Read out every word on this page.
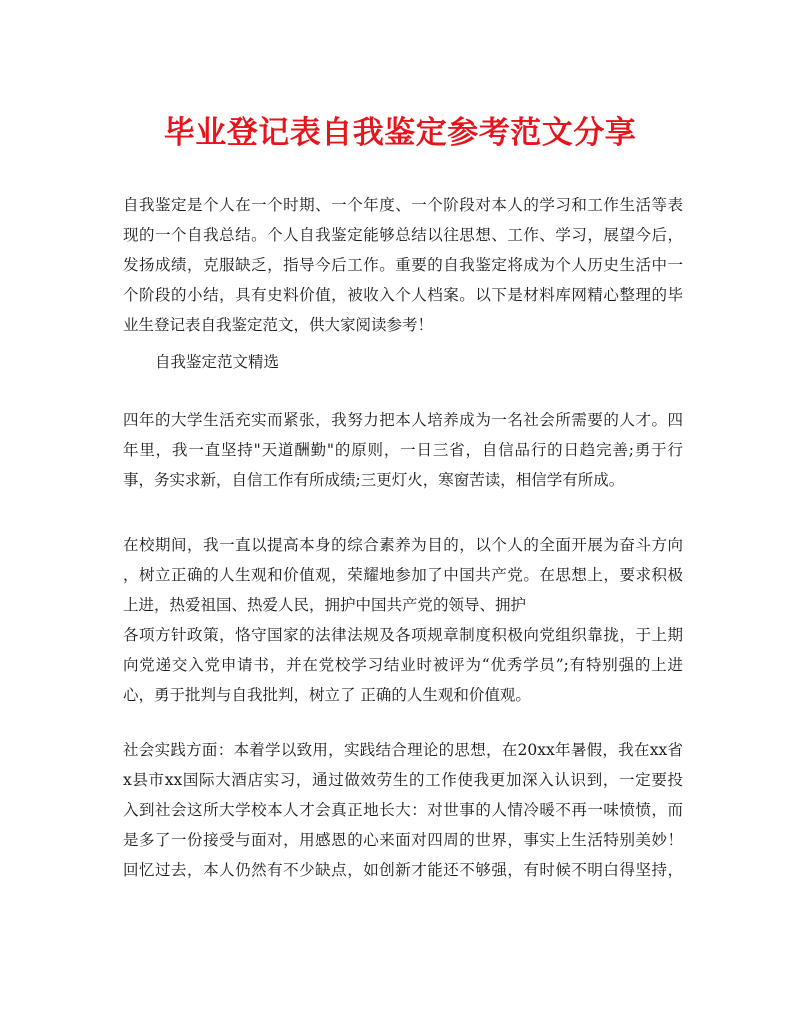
毕业登记表自我鉴定参考范文分享
自我鉴定是个人在一个时期、一个年度、一个阶段对本人的学习和工作生活等表
现的一个自我总结。个人自我鉴定能够总结以往思想、工作、学习，展望今后，
发扬成绩，克服缺乏，指导今后工作。重要的自我鉴定将成为个人历史生活中一
个阶段的小结，具有史料价值，被收入个人档案。以下是材料库网精心整理的毕
业生登记表自我鉴定范文，供大家阅读参考！
自我鉴定范文精选
四年的大学生活充实而紧张，我努力把本人培养成为一名社会所需要的人才。四
年里，我一直坚持"天道酬勤"的原则，一日三省，自信品行的日趋完善;勇于行
事，务实求新，自信工作有所成绩;三更灯火，寒窗苦读，相信学有所成。
在校期间，我一直以提高本身的综合素养为目的，以个人的全面开展为奋斗方向
，树立正确的人生观和价值观，荣耀地参加了中国共产党。在思想上，要求积极
上进，热爱祖国、热爱人民，拥护中国共产党的领导、拥护
各项方针政策，恪守国家的法律法规及各项规章制度积极向党组织靠拢，于上期
向党递交入党申请书，并在党校学习结业时被评为“优秀学员”;有特别强的上进
心，勇于批判与自我批判，树立了 正确的人生观和价值观。
社会实践方面：本着学以致用，实践结合理论的思想，在20xx年暑假，我在xx省
x县市xx国际大酒店实习，通过做效劳生的工作使我更加深入认识到，一定要投
入到社会这所大学校本人才会真正地长大：对世事的人情冷暖不再一味愤愤，而
是多了一份接受与面对，用感恩的心来面对四周的世界，事实上生活特别美妙！
回忆过去，本人仍然有不少缺点，如创新才能还不够强，有时候不明白得坚持，
